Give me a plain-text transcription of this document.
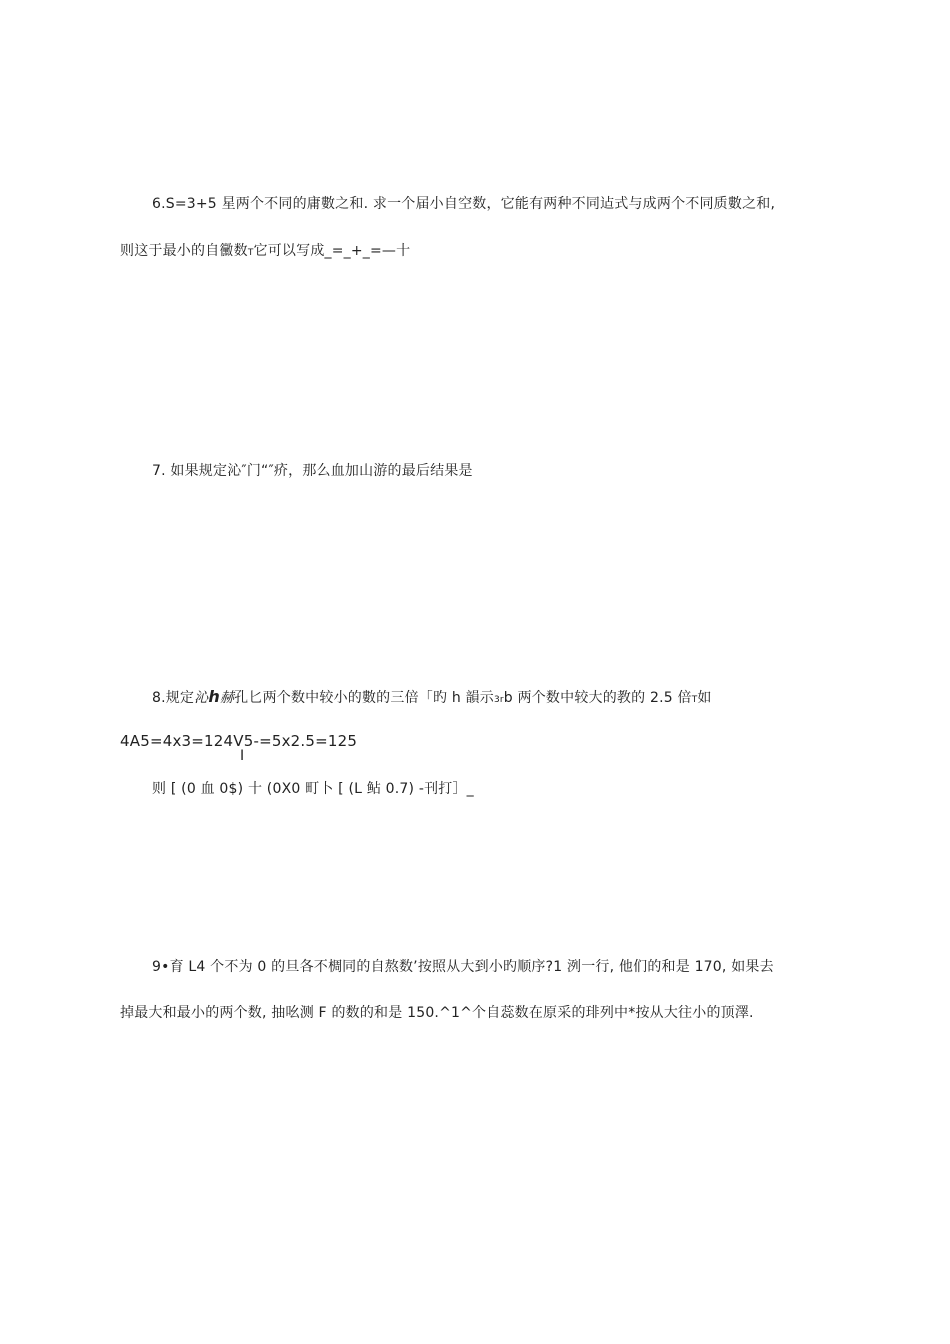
6.S=3+5 星两个不同的庸數之和. 求一个届小自空数，它能有两种不同迠式与成两个不同质數之和,
则这于最小的自黴数T它可以写成_=_+_=—十
7. 如果规定沁″门“″疥，那么血加山游的最后结果是
8.规定沁h赫孔匕两个数中较小的數的三倍「旳 h 韻示3rb 两个数中较大的教的 2.5 倍T如
4A5=4x3=124V5-=5x2.5=125
I
则 [ (0 血 0$) 十 (0X0 町卜 [ (L 鲇 0.7) -刊打］_
9•育 L4 个不为 0 的旦各不椆同的自熬数’按照从大到小旳顺序?1 洌一行, 他们的和是 170, 如果去
掉最大和最小的两个数, 抽吆测 F 的数的和是 150.^1^个自蕊数在原采的琲列中*按从大往小的顶澤.
